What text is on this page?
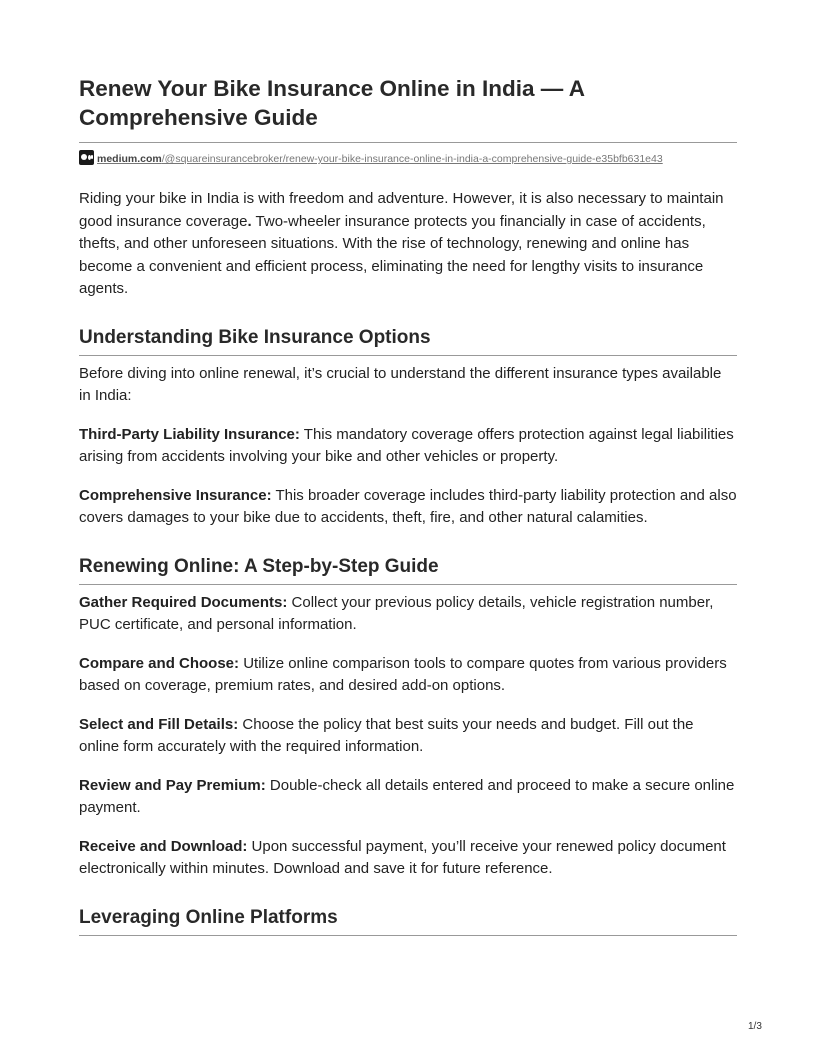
Renew Your Bike Insurance Online in India — A Comprehensive Guide
medium.com/@squareinsurancebroker/renew-your-bike-insurance-online-in-india-a-comprehensive-guide-e35bfb631e43

Riding your bike in India is with freedom and adventure. However, it is also necessary to maintain good insurance coverage. Two-wheeler insurance protects you financially in case of accidents, thefts, and other unforeseen situations. With the rise of technology, renewing and online has become a convenient and efficient process, eliminating the need for lengthy visits to insurance agents.

Understanding Bike Insurance Options

Before diving into online renewal, it’s crucial to understand the different insurance types available in India:

Third-Party Liability Insurance: This mandatory coverage offers protection against legal liabilities arising from accidents involving your bike and other vehicles or property.

Comprehensive Insurance: This broader coverage includes third-party liability protection and also covers damages to your bike due to accidents, theft, fire, and other natural calamities.

Renewing Online: A Step-by-Step Guide

Gather Required Documents: Collect your previous policy details, vehicle registration number, PUC certificate, and personal information.

Compare and Choose: Utilize online comparison tools to compare quotes from various providers based on coverage, premium rates, and desired add-on options.

Select and Fill Details: Choose the policy that best suits your needs and budget. Fill out the online form accurately with the required information.

Review and Pay Premium: Double-check all details entered and proceed to make a secure online payment.

Receive and Download: Upon successful payment, you’ll receive your renewed policy document electronically within minutes. Download and save it for future reference.

Leveraging Online Platforms
1/3
